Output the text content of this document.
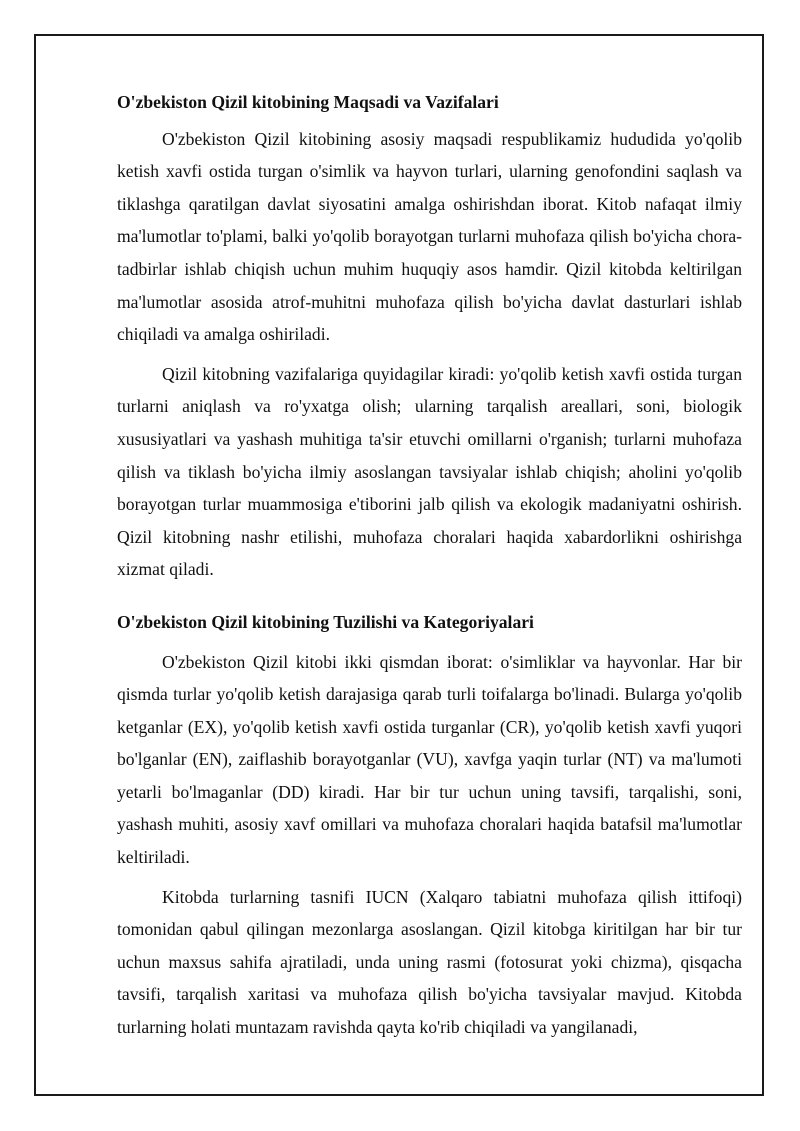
O'zbekiston Qizil kitobining Maqsadi va Vazifalari

O'zbekiston Qizil kitobining asosiy maqsadi respublikamiz hududida yo'qolib ketish xavfi ostida turgan o'simlik va hayvon turlari, ularning genofondini saqlash va tiklashga qaratilgan davlat siyosatini amalga oshirishdan iborat. Kitob nafaqat ilmiy ma'lumotlar to'plami, balki yo'qolib borayotgan turlarni muhofaza qilish bo'yicha chora-tadbirlar ishlab chiqish uchun muhim huquqiy asos hamdir. Qizil kitobda keltirilgan ma'lumotlar asosida atrof-muhitni muhofaza qilish bo'yicha davlat dasturlari ishlab chiqiladi va amalga oshiriladi.

Qizil kitobning vazifalariga quyidagilar kiradi: yo'qolib ketish xavfi ostida turgan turlarni aniqlash va ro'yxatga olish; ularning tarqalish areallari, soni, biologik xususiyatlari va yashash muhitiga ta'sir etuvchi omillarni o'rganish; turlarni muhofaza qilish va tiklash bo'yicha ilmiy asoslangan tavsiyalar ishlab chiqish; aholini yo'qolib borayotgan turlar muammosiga e'tiborini jalb qilish va ekologik madaniyatni oshirish. Qizil kitobning nashr etilishi, muhofaza choralari haqida xabardorlikni oshirishga xizmat qiladi.

O'zbekiston Qizil kitobining Tuzilishi va Kategoriyalari

O'zbekiston Qizil kitobi ikki qismdan iborat: o'simliklar va hayvonlar. Har bir qismda turlar yo'qolib ketish darajasiga qarab turli toifalarga bo'linadi. Bularga yo'qolib ketganlar (EX), yo'qolib ketish xavfi ostida turganlar (CR), yo'qolib ketish xavfi yuqori bo'lganlar (EN), zaiflashib borayotganlar (VU), xavfga yaqin turlar (NT) va ma'lumoti yetarli bo'lmaganlar (DD) kiradi. Har bir tur uchun uning tavsifi, tarqalishi, soni, yashash muhiti, asosiy xavf omillari va muhofaza choralari haqida batafsil ma'lumotlar keltiriladi.

Kitobda turlarning tasnifi IUCN (Xalqaro tabiatni muhofaza qilish ittifoqi) tomonidan qabul qilingan mezonlarga asoslangan. Qizil kitobga kiritilgan har bir tur uchun maxsus sahifa ajratiladi, unda uning rasmi (fotosurat yoki chizma), qisqacha tavsifi, tarqalish xaritasi va muhofaza qilish bo'yicha tavsiyalar mavjud. Kitobda turlarning holati muntazam ravishda qayta ko'rib chiqiladi va yangilanadi,
